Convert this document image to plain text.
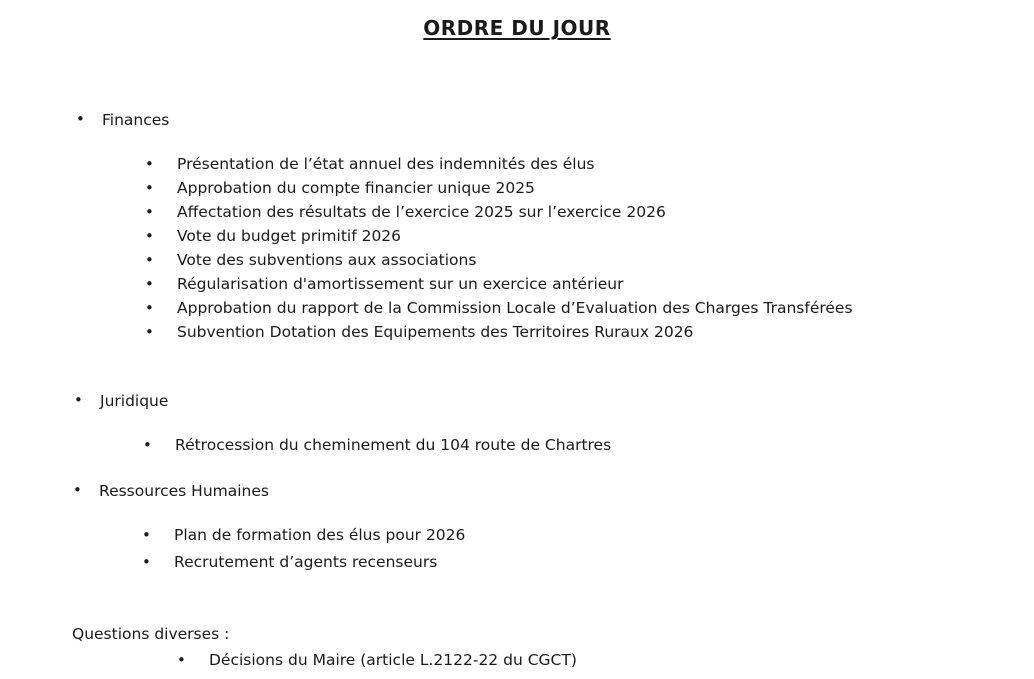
ORDRE DU JOUR
• Finances
• Présentation de l’état annuel des indemnités des élus
• Approbation du compte financier unique 2025
• Affectation des résultats de l’exercice 2025 sur l’exercice 2026
• Vote du budget primitif 2026
• Vote des subventions aux associations
• Régularisation d'amortissement sur un exercice antérieur
• Approbation du rapport de la Commission Locale d’Evaluation des Charges Transférées
• Subvention Dotation des Equipements des Territoires Ruraux 2026
• Juridique
• Rétrocession du cheminement du 104 route de Chartres
• Ressources Humaines
• Plan de formation des élus pour 2026
• Recrutement d’agents recenseurs
Questions diverses :
• Décisions du Maire (article L.2122-22 du CGCT)
